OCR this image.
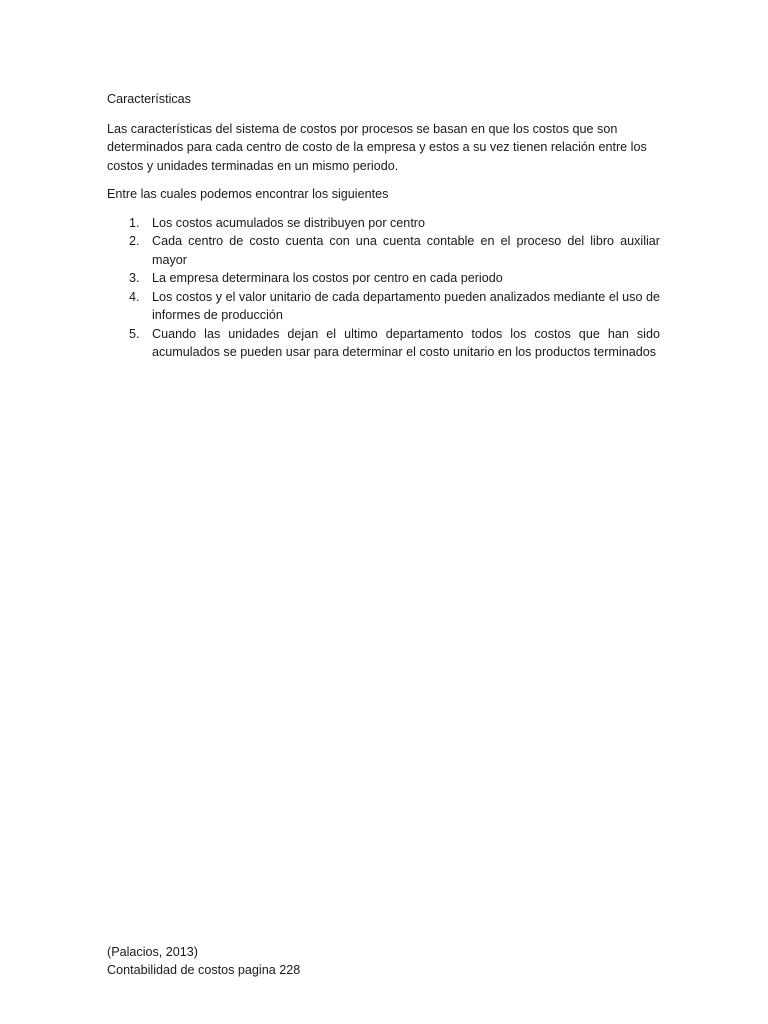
Características

Las características del sistema de costos por procesos se basan en que los costos que son determinados para cada centro de costo de la empresa y estos a su vez tienen relación entre los costos y unidades terminadas en un mismo periodo.

Entre las cuales podemos encontrar los siguientes

1. Los costos acumulados se distribuyen por centro
2. Cada centro de costo cuenta con una cuenta contable en el proceso del libro auxiliar mayor
3. La empresa determinara los costos por centro en cada periodo
4. Los costos y el valor unitario de cada departamento pueden analizados mediante el uso de informes de producción
5. Cuando las unidades dejan el ultimo departamento todos los costos que han sido acumulados se pueden usar para determinar el costo unitario en los productos terminados
(Palacios, 2013)
Contabilidad de costos pagina 228
